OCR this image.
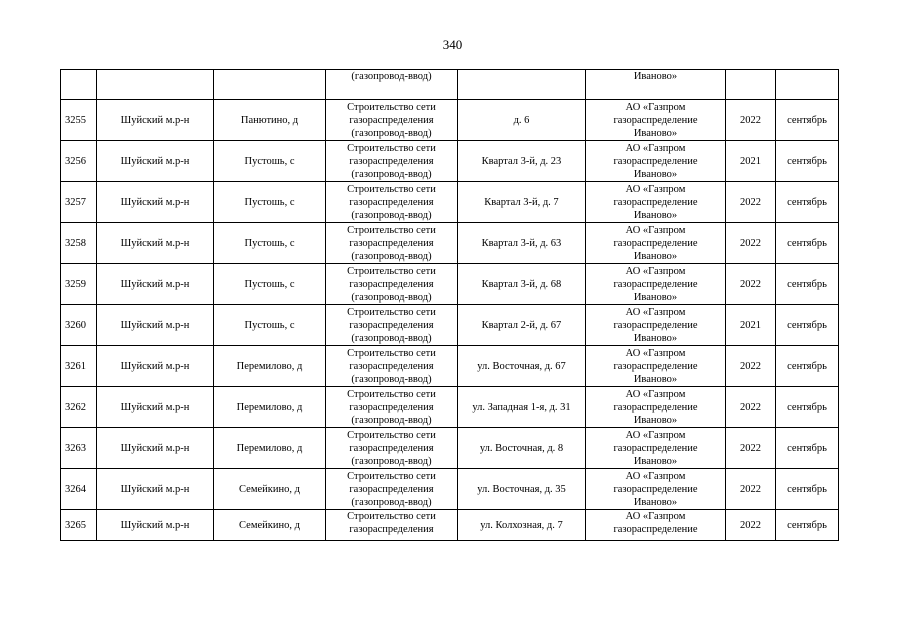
340
			(газопровод-ввод)		Иваново»		
3255	Шуйский м.р-н	Панютино, д	Строительство сети
газораспределения
(газопровод-ввод)	д. 6	АО «Газпром
газораспределение
Иваново»	2022	сентябрь
3256	Шуйский м.р-н	Пустошь, с	Строительство сети
газораспределения
(газопровод-ввод)	Квартал 3-й, д. 23	АО «Газпром
газораспределение
Иваново»	2021	сентябрь
3257	Шуйский м.р-н	Пустошь, с	Строительство сети
газораспределения
(газопровод-ввод)	Квартал 3-й, д. 7	АО «Газпром
газораспределение
Иваново»	2022	сентябрь
3258	Шуйский м.р-н	Пустошь, с	Строительство сети
газораспределения
(газопровод-ввод)	Квартал 3-й, д. 63	АО «Газпром
газораспределение
Иваново»	2022	сентябрь
3259	Шуйский м.р-н	Пустошь, с	Строительство сети
газораспределения
(газопровод-ввод)	Квартал 3-й, д. 68	АО «Газпром
газораспределение
Иваново»	2022	сентябрь
3260	Шуйский м.р-н	Пустошь, с	Строительство сети
газораспределения
(газопровод-ввод)	Квартал 2-й, д. 67	АО «Газпром
газораспределение
Иваново»	2021	сентябрь
3261	Шуйский м.р-н	Перемилово, д	Строительство сети
газораспределения
(газопровод-ввод)	ул. Восточная, д. 67	АО «Газпром
газораспределение
Иваново»	2022	сентябрь
3262	Шуйский м.р-н	Перемилово, д	Строительство сети
газораспределения
(газопровод-ввод)	ул. Западная 1-я, д. 31	АО «Газпром
газораспределение
Иваново»	2022	сентябрь
3263	Шуйский м.р-н	Перемилово, д	Строительство сети
газораспределения
(газопровод-ввод)	ул. Восточная, д. 8	АО «Газпром
газораспределение
Иваново»	2022	сентябрь
3264	Шуйский м.р-н	Семейкино, д	Строительство сети
газораспределения
(газопровод-ввод)	ул. Восточная, д. 35	АО «Газпром
газораспределение
Иваново»	2022	сентябрь
3265	Шуйский м.р-н	Семейкино, д	Строительство сети
газораспределения	ул. Колхозная, д. 7	АО «Газпром
газораспределение	2022	сентябрь
